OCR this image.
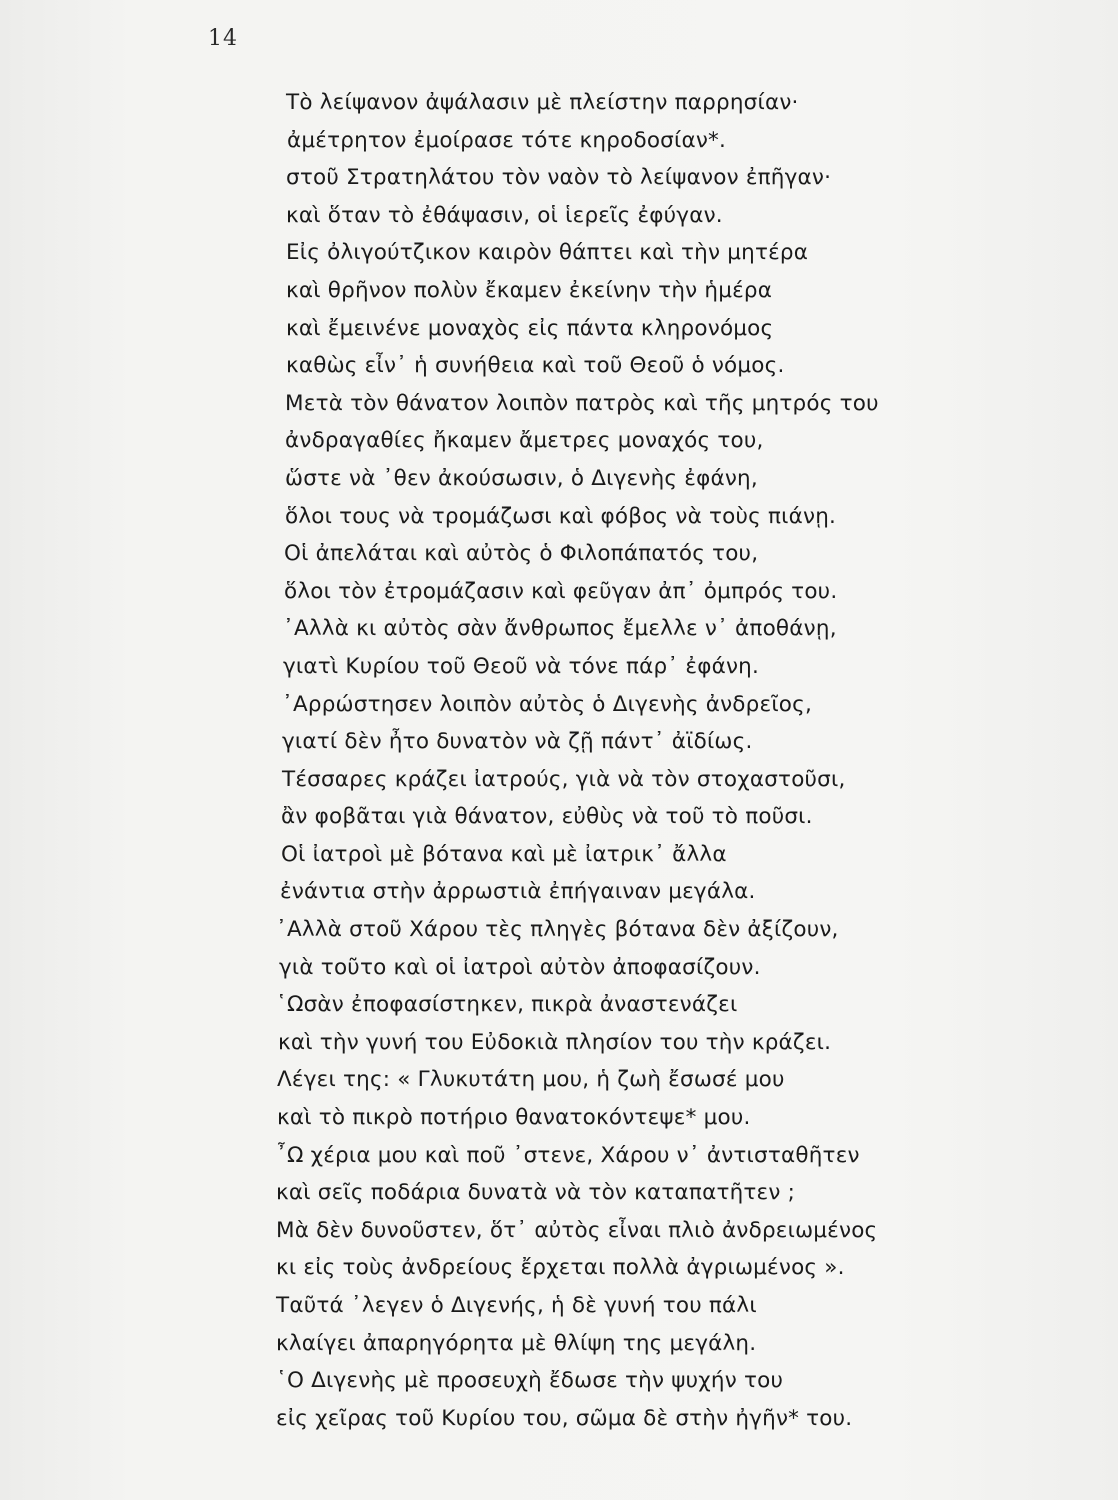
14
Τὸ λείψανον ἀψάλασιν μὲ πλείστην παρρησίαν·
ἀμέτρητον ἐμοίρασε τότε κηροδοσίαν*.
στοῦ Στρατηλάτου τὸν ναὸν τὸ λείψανον ἐπῆγαν·
καὶ ὅταν τὸ ἐθάψασιν, οἱ ἱερεῖς ἐφύγαν.
Εἰς ὀλιγούτζικον καιρὸν θάπτει καὶ τὴν μητέρα
καὶ θρῆνον πολὺν ἔκαμεν ἐκείνην τὴν ἡμέρα
καὶ ἔμεινένε μοναχὸς εἰς πάντα κληρονόμος
καθὼς εἶν᾽ ἡ συνήθεια καὶ τοῦ Θεοῦ ὁ νόμος.
Μετὰ τὸν θάνατον λοιπὸν πατρὸς καὶ τῆς μητρός του
ἀνδραγαθίες ἤκαμεν ἄμετρες μοναχός του,
ὥστε νὰ ᾽θεν ἀκούσωσιν, ὁ Διγενὴς ἐφάνη,
ὅλοι τους νὰ τρομάζωσι καὶ φόβος νὰ τοὺς πιάνῃ.
Οἱ ἀπελάται καὶ αὐτὸς ὁ Φιλοπάπατός του,
ὅλοι τὸν ἐτρομάζασιν καὶ φεῦγαν ἀπ᾽ ὀμπρός του.
᾽Αλλὰ κι αὐτὸς σὰν ἄνθρωπος ἔμελλε ν᾽ ἀποθάνῃ,
γιατὶ Κυρίου τοῦ Θεοῦ νὰ τόνε πάρ᾽ ἐφάνη.
᾽Αρρώστησεν λοιπὸν αὐτὸς ὁ Διγενὴς ἀνδρεῖος,
γιατί δὲν ἦτο δυνατὸν νὰ ζῇ πάντ᾽ ἀϊδίως.
Τέσσαρες κράζει ἰατρούς, γιὰ νὰ τὸν στοχαστοῦσι,
ἂν φοβᾶται γιὰ θάνατον, εὐθὺς νὰ τοῦ τὸ ποῦσι.
Οἱ ἰατροὶ μὲ βότανα καὶ μὲ ἰατρικ᾽ ἄλλα
ἐνάντια στὴν ἀρρωστιὰ ἐπήγαιναν μεγάλα.
᾽Αλλὰ στοῦ Χάρου τὲς πληγὲς βότανα δὲν ἀξίζουν,
γιὰ τοῦτο καὶ οἱ ἰατροὶ αὐτὸν ἀποφασίζουν.
῾Ωσὰν ἐποφασίστηκεν, πικρὰ ἀναστενάζει
καὶ τὴν γυνή του Εὐδοκιὰ πλησίον του τὴν κράζει.
Λέγει της: « Γλυκυτάτη μου, ἡ ζωὴ ἔσωσέ μου
καὶ τὸ πικρὸ ποτήριο θανατοκόντεψε* μου.
῏Ω χέρια μου καὶ ποῦ ᾽στενε, Χάρου ν᾽ ἀντισταθῆτεν
καὶ σεῖς ποδάρια δυνατὰ νὰ τὸν καταπατῆτεν ;
Μὰ δὲν δυνοῦστεν, ὅτ᾽ αὐτὸς εἶναι πλιὸ ἀνδρειωμένος
κι εἰς τοὺς ἀνδρείους ἔρχεται πολλὰ ἀγριωμένος ».
Ταῦτά ᾽λεγεν ὁ Διγενής, ἡ δὲ γυνή του πάλι
κλαίγει ἀπαρηγόρητα μὲ θλίψη της μεγάλη.
῾Ο Διγενὴς μὲ προσευχὴ ἔδωσε τὴν ψυχήν του
εἰς χεῖρας τοῦ Κυρίου του, σῶμα δὲ στὴν ἠγῆν* του.
